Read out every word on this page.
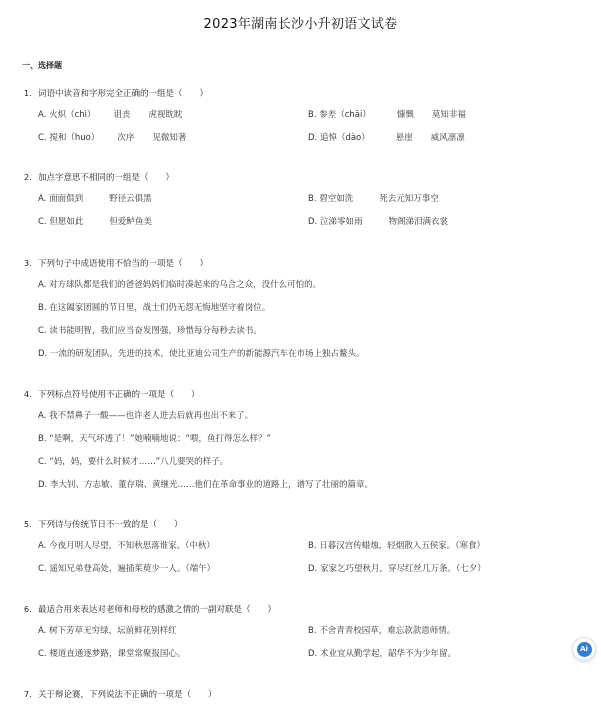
2023年湖南长沙小升初语文试卷
一、选择题
1. 词语中读音和字形完全正确的一组是（　　）
A. 火炽（chì） 诅丧 虎视眈眈	B. 参差（chāi）	慷慨 莫知非福
C. 搅和（huo） 次序 见微知著	D. 追悼（dào）	悬崖 威风凛凛
2. 加点字意思不相同的一组是（　　）
A. 面面俱到	野径云俱黑	B. 碧空如洗	死去元知万事空
C. 但愿如此	但爱鲈鱼美	D. 泣涕零如雨	物阁涕泪满衣裳
3. 下列句子中成语使用不恰当的一项是（　　）
A. 对方球队都是我们的爸爸妈妈们临时凑起来的乌合之众，没什么可怕的。
B. 在这阖家团圆的节日里，战士们仍无怨无悔地坚守着岗位。
C. 读书能明智，我们应当奋发图强，珍惜每分每秒去读书。
D. 一流的研发团队，先进的技术，使比亚迪公司生产的新能源汽车在市场上独占鳌头。
4. 下列标点符号使用不正确的一项是（　　）
A. 我不禁鼻子一酸——也许老人进去后就再也出不来了。
B. “是啊，天气坏透了！”她喃喃地说：“喂，鱼打得怎么样？”
C. “妈，妈，要什么时候才……”八儿要哭的样子。
D. 李大钊、方志敏、董存瑞、黄继光……他们在革命事业的道路上，谱写了壮丽的篇章。
5. 下列诗与传统节日不一致的是（　　）
A. 今夜月明人尽望，不知秋思落谁家。（中秋）	B. 日暮汉宫传蜡烛，轻烟散入五侯家。（寒食）
C. 遥知兄弟登高处，遍插茱萸少一人。（端午）	D. 家家乞巧望秋月，穿尽红丝几万条。（七夕）
6. 最适合用来表达对老师和母校的感激之情的一副对联是（　　）
A. 树下芳草无穷绿，坛前鲜花别样红	B. 不舍青青校园草，难忘款款恩师情。
C. 楼道直通逐梦路，课堂常聚报国心。	D. 术业宜从勤学起，韶华不为少年留。
7. 关于辩论赛，下列说法不正确的一项是（　　）
Ai
